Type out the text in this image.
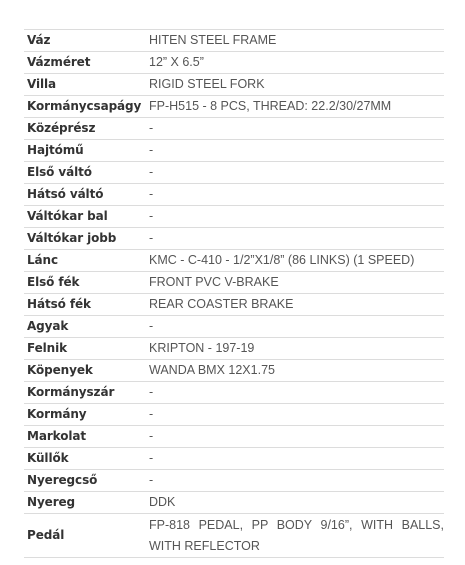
Váz	HITEN STEEL FRAME
Vázméret	12” X 6.5”
Villa	RIGID STEEL FORK
Kormánycsapágy	FP-H515 - 8 PCS, THREAD: 22.2/30/27MM
Középrész	-
Hajtómű	-
Első váltó	-
Hátsó váltó	-
Váltókar bal	-
Váltókar jobb	-
Lánc	KMC - C-410 - 1/2”X1/8” (86 LINKS) (1 SPEED)
Első fék	FRONT PVC V-BRAKE
Hátsó fék	REAR COASTER BRAKE
Agyak	-
Felnik	KRIPTON - 197-19
Köpenyek	WANDA BMX 12X1.75
Kormányszár	-
Kormány	-
Markolat	-
Küllők	-
Nyeregcső	-
Nyereg	DDK
Pedál	FP-818 PEDAL, PP BODY 9/16”, WITH BALLS, WITH REFLECTOR
